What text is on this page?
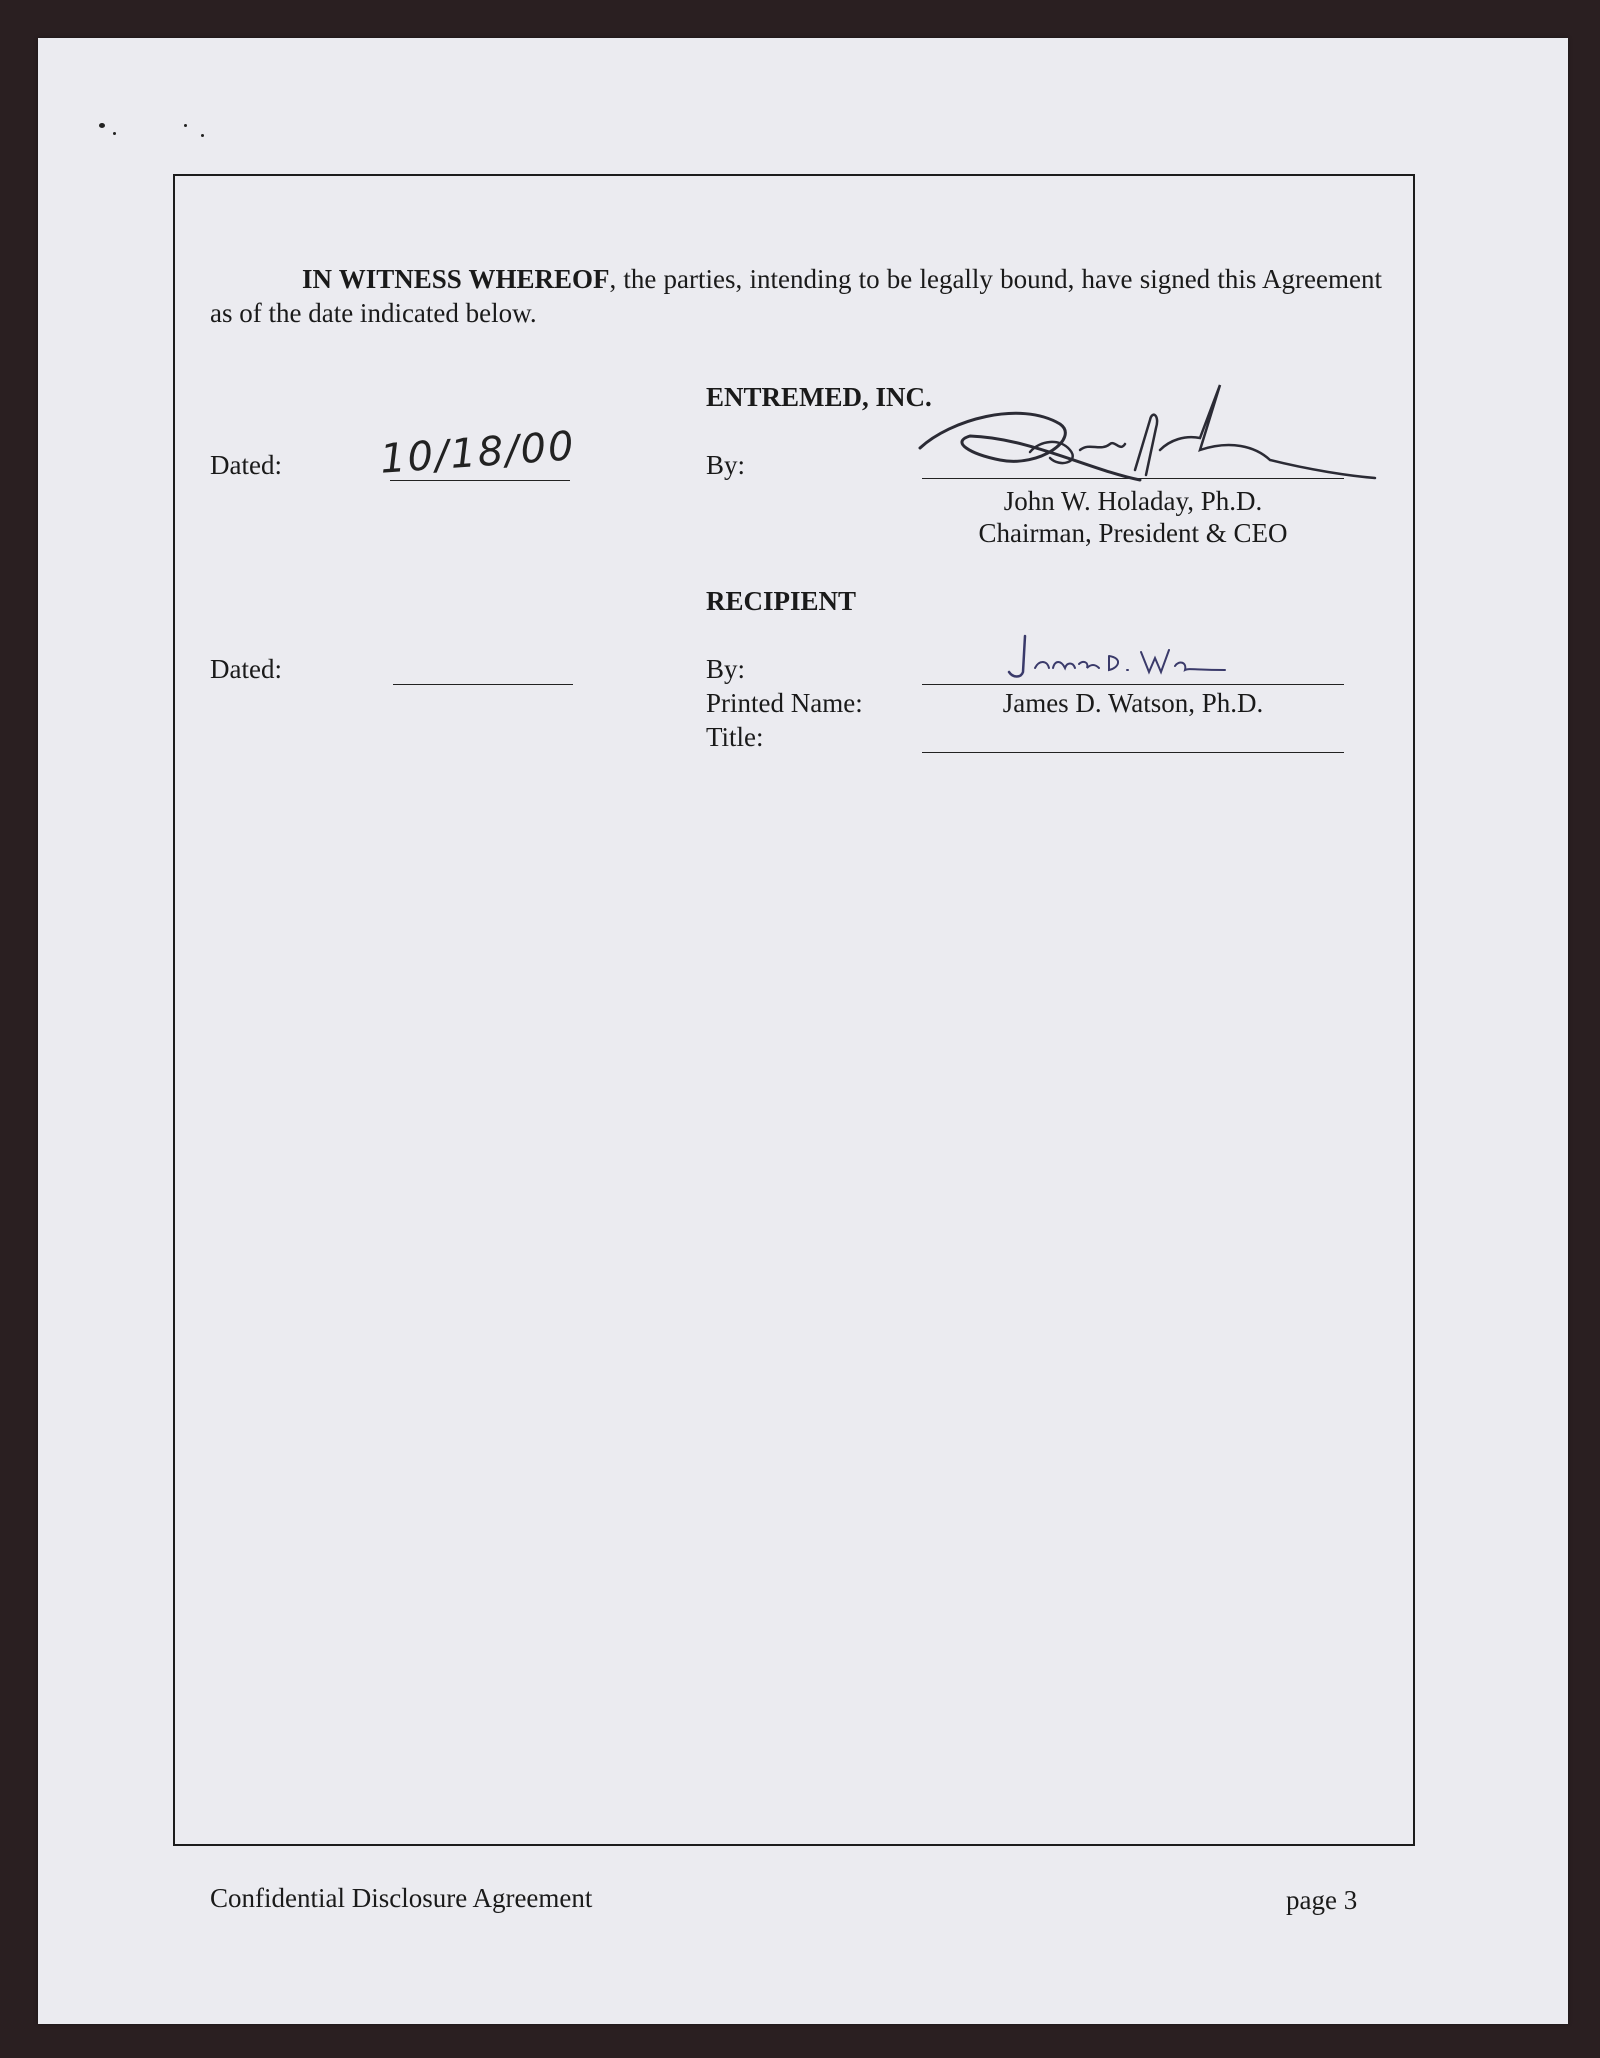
IN WITNESS WHEREOF, the parties, intending to be legally bound, have signed this Agreement as of the date indicated below.
ENTREMED, INC.
Dated: 10/18/00	By:
John W. Holaday, Ph.D.
Chairman, President & CEO
RECIPIENT
Dated:	By:
Printed Name:	James D. Watson, Ph.D.
Title:
Confidential Disclosure Agreement	page 3
